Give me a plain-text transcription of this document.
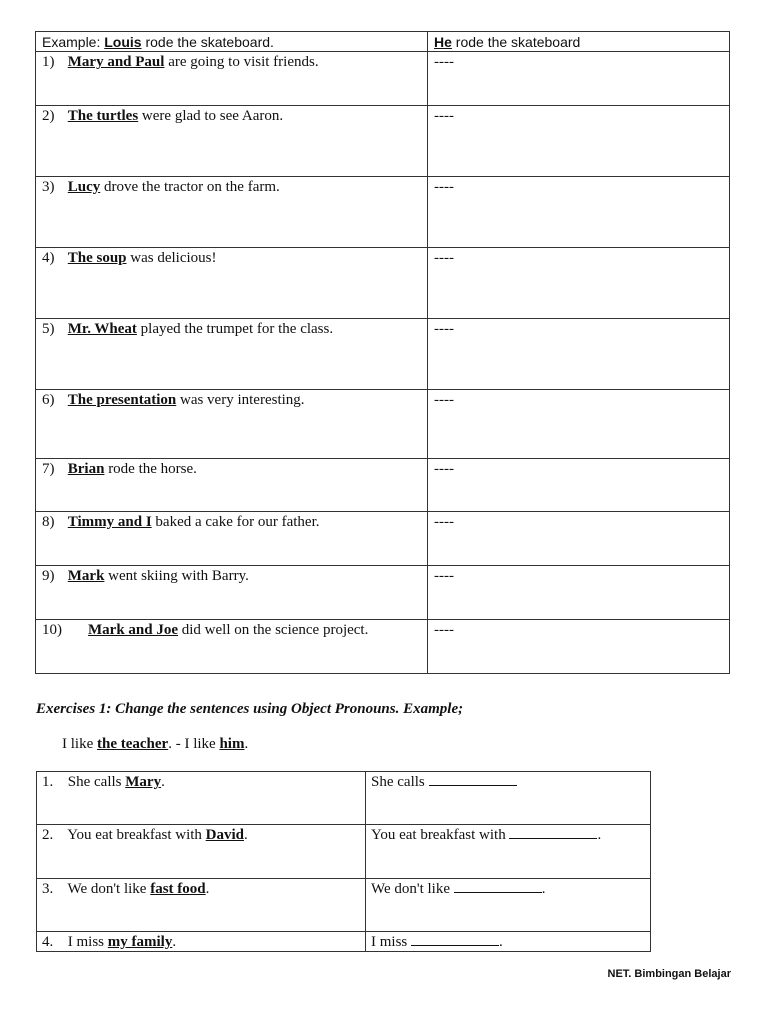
Example: Louis rode the skateboard.	He rode the skateboard
1) Mary and Paul are going to visit friends.	----
2) The turtles were glad to see Aaron.	----
3) Lucy drove the tractor on the farm.	----
4) The soup was delicious!	----
5) Mr. Wheat played the trumpet for the class.	----
6) The presentation was very interesting.	----
7) Brian rode the horse.	----
8) Timmy and I baked a cake for our father.	----
9) Mark went skiing with Barry.	----
10) Mark and Joe did well on the science project.	----

Exercises 1: Change the sentences using Object Pronouns. Example;

I like the teacher. - I like him.

1. She calls Mary.	She calls
2. You eat breakfast with David.	You eat breakfast with .
3. We don't like fast food.	We don't like .
4. I miss my family.	I miss .

NET. Bimbingan Belajar
